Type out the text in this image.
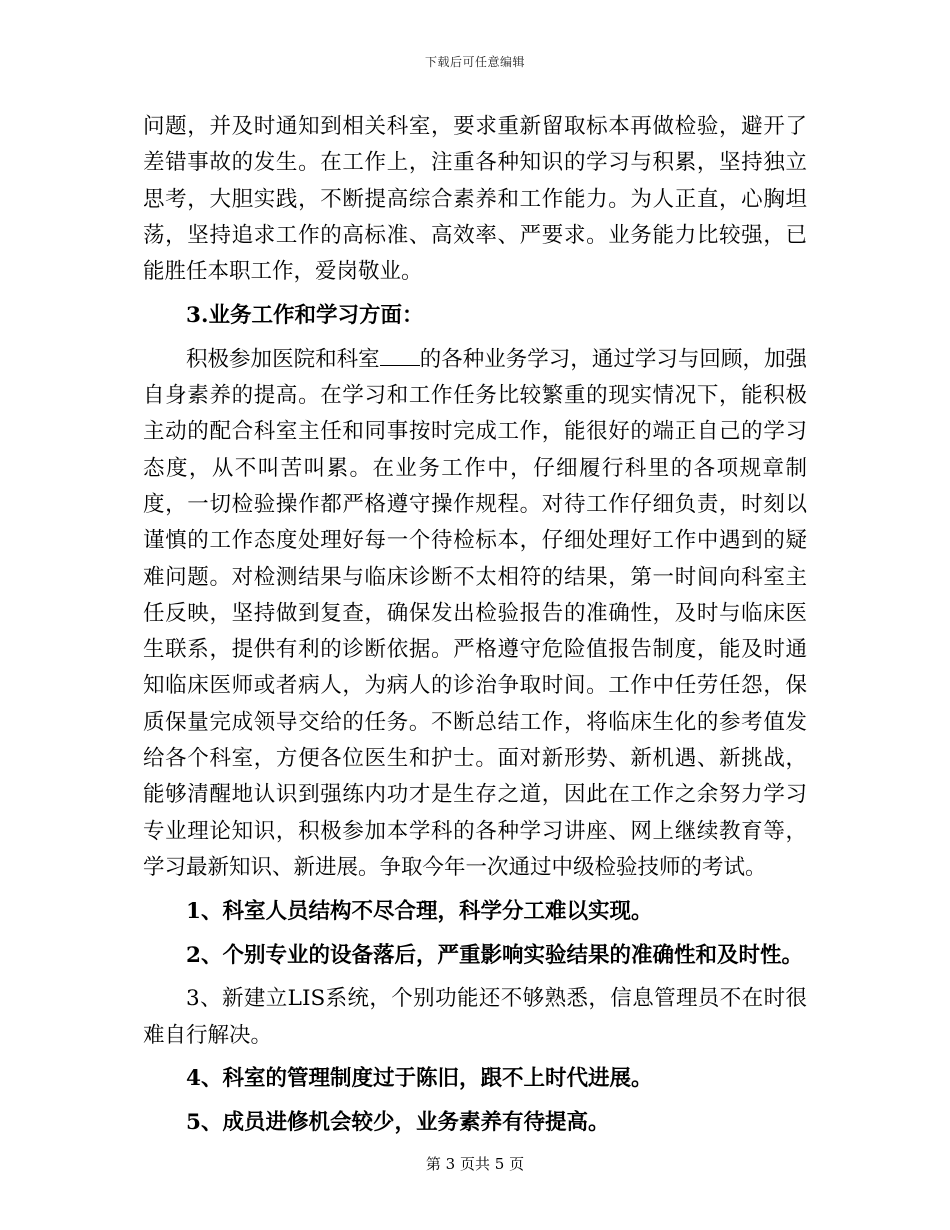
下载后可任意编辑

问题，并及时通知到相关科室，要求重新留取标本再做检验，避开了差错事故的发生。在工作上，注重各种知识的学习与积累，坚持独立思考，大胆实践，不断提高综合素养和工作能力。为人正直，心胸坦荡，坚持追求工作的高标准、高效率、严要求。业务能力比较强，已能胜任本职工作，爱岗敬业。

3.业务工作和学习方面：

积极参加医院和科室 的各种业务学习，通过学习与回顾，加强自身素养的提高。在学习和工作任务比较繁重的现实情况下，能积极主动的配合科室主任和同事按时完成工作，能很好的端正自己的学习态度，从不叫苦叫累。在业务工作中，仔细履行科里的各项规章制度，一切检验操作都严格遵守操作规程。对待工作仔细负责，时刻以谨慎的工作态度处理好每一个待检标本，仔细处理好工作中遇到的疑难问题。对检测结果与临床诊断不太相符的结果，第一时间向科室主任反映，坚持做到复查，确保发出检验报告的准确性，及时与临床医生联系，提供有利的诊断依据。严格遵守危险值报告制度，能及时通知临床医师或者病人，为病人的诊治争取时间。工作中任劳任怨，保质保量完成领导交给的任务。不断总结工作，将临床生化的参考值发给各个科室，方便各位医生和护士。面对新形势、新机遇、新挑战，能够清醒地认识到强练内功才是生存之道，因此在工作之余努力学习专业理论知识，积极参加本学科的各种学习讲座、网上继续教育等，学习最新知识、新进展。争取今年一次通过中级检验技师的考试。

1、科室人员结构不尽合理，科学分工难以实现。

2、个别专业的设备落后，严重影响实验结果的准确性和及时性。

3、新建立LIS系统，个别功能还不够熟悉，信息管理员不在时很难自行解决。

4、科室的管理制度过于陈旧，跟不上时代进展。

5、成员进修机会较少，业务素养有待提高。

第 3 页共 5 页
